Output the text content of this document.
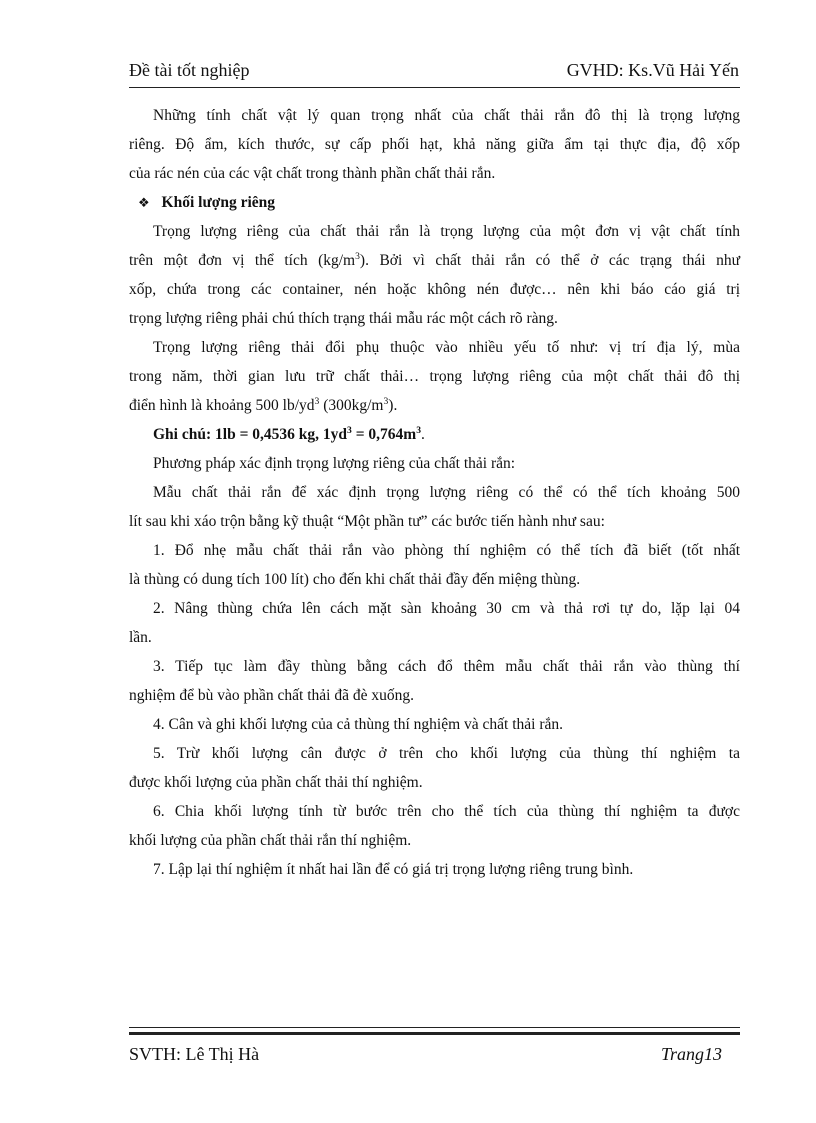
Đề tài tốt nghiệp	GVHD: Ks.Vũ Hải Yến

Những tính chất vật lý quan trọng nhất của chất thải rắn đô thị là trọng lượng

riêng. Độ ẩm, kích thước, sự cấp phối hạt, khả năng giữa ẩm tại thực địa, độ xốp

của rác nén của các vật chất trong thành phần chất thải rắn.

❖ Khối lượng riêng

Trọng lượng riêng của chất thải rắn là trọng lượng của một đơn vị vật chất tính

trên một đơn vị thể tích $(kg/m^3)$. Bởi vì chất thải rắn có thể ở các trạng thái như

xốp, chứa trong các container, nén hoặc không nén được… nên khi báo cáo giá trị

trọng lượng riêng phải chú thích trạng thái mẫu rác một cách rõ ràng.

Trọng lượng riêng thải đổi phụ thuộc vào nhiều yếu tố như: vị trí địa lý, mùa

trong năm, thời gian lưu trữ chất thải… trọng lượng riêng của một chất thải đô thị

điển hình là khoảng 500 $lb/yd^3$ $(300kg/m^3)$.

Ghi chú: 1lb = 0,4536 kg, $1yd^3 = 0,764m^3$.

Phương pháp xác định trọng lượng riêng của chất thải rắn:

Mẫu chất thải rắn để xác định trọng lượng riêng có thể có thể tích khoảng 500

lít sau khi xáo trộn bằng kỹ thuật “Một phần tư” các bước tiến hành như sau:

1. Đổ nhẹ mẫu chất thải rắn vào phòng thí nghiệm có thể tích đã biết (tốt nhất

là thùng có dung tích 100 lít) cho đến khi chất thải đầy đến miệng thùng.

2. Nâng thùng chứa lên cách mặt sàn khoảng 30 cm và thả rơi tự do, lặp lại 04

lần.

3. Tiếp tục làm đầy thùng bằng cách đổ thêm mẫu chất thải rắn vào thùng thí

nghiệm để bù vào phần chất thải đã đè xuống.

4. Cân và ghi khối lượng của cả thùng thí nghiệm và chất thải rắn.

5. Trừ khối lượng cân được ở trên cho khối lượng của thùng thí nghiệm ta

được khối lượng của phần chất thải thí nghiệm.

6. Chia khối lượng tính từ bước trên cho thể tích của thùng thí nghiệm ta được

khối lượng của phần chất thải rắn thí nghiệm.

7. Lập lại thí nghiệm ít nhất hai lần để có giá trị trọng lượng riêng trung bình.

SVTH: Lê Thị Hà	Trang13
